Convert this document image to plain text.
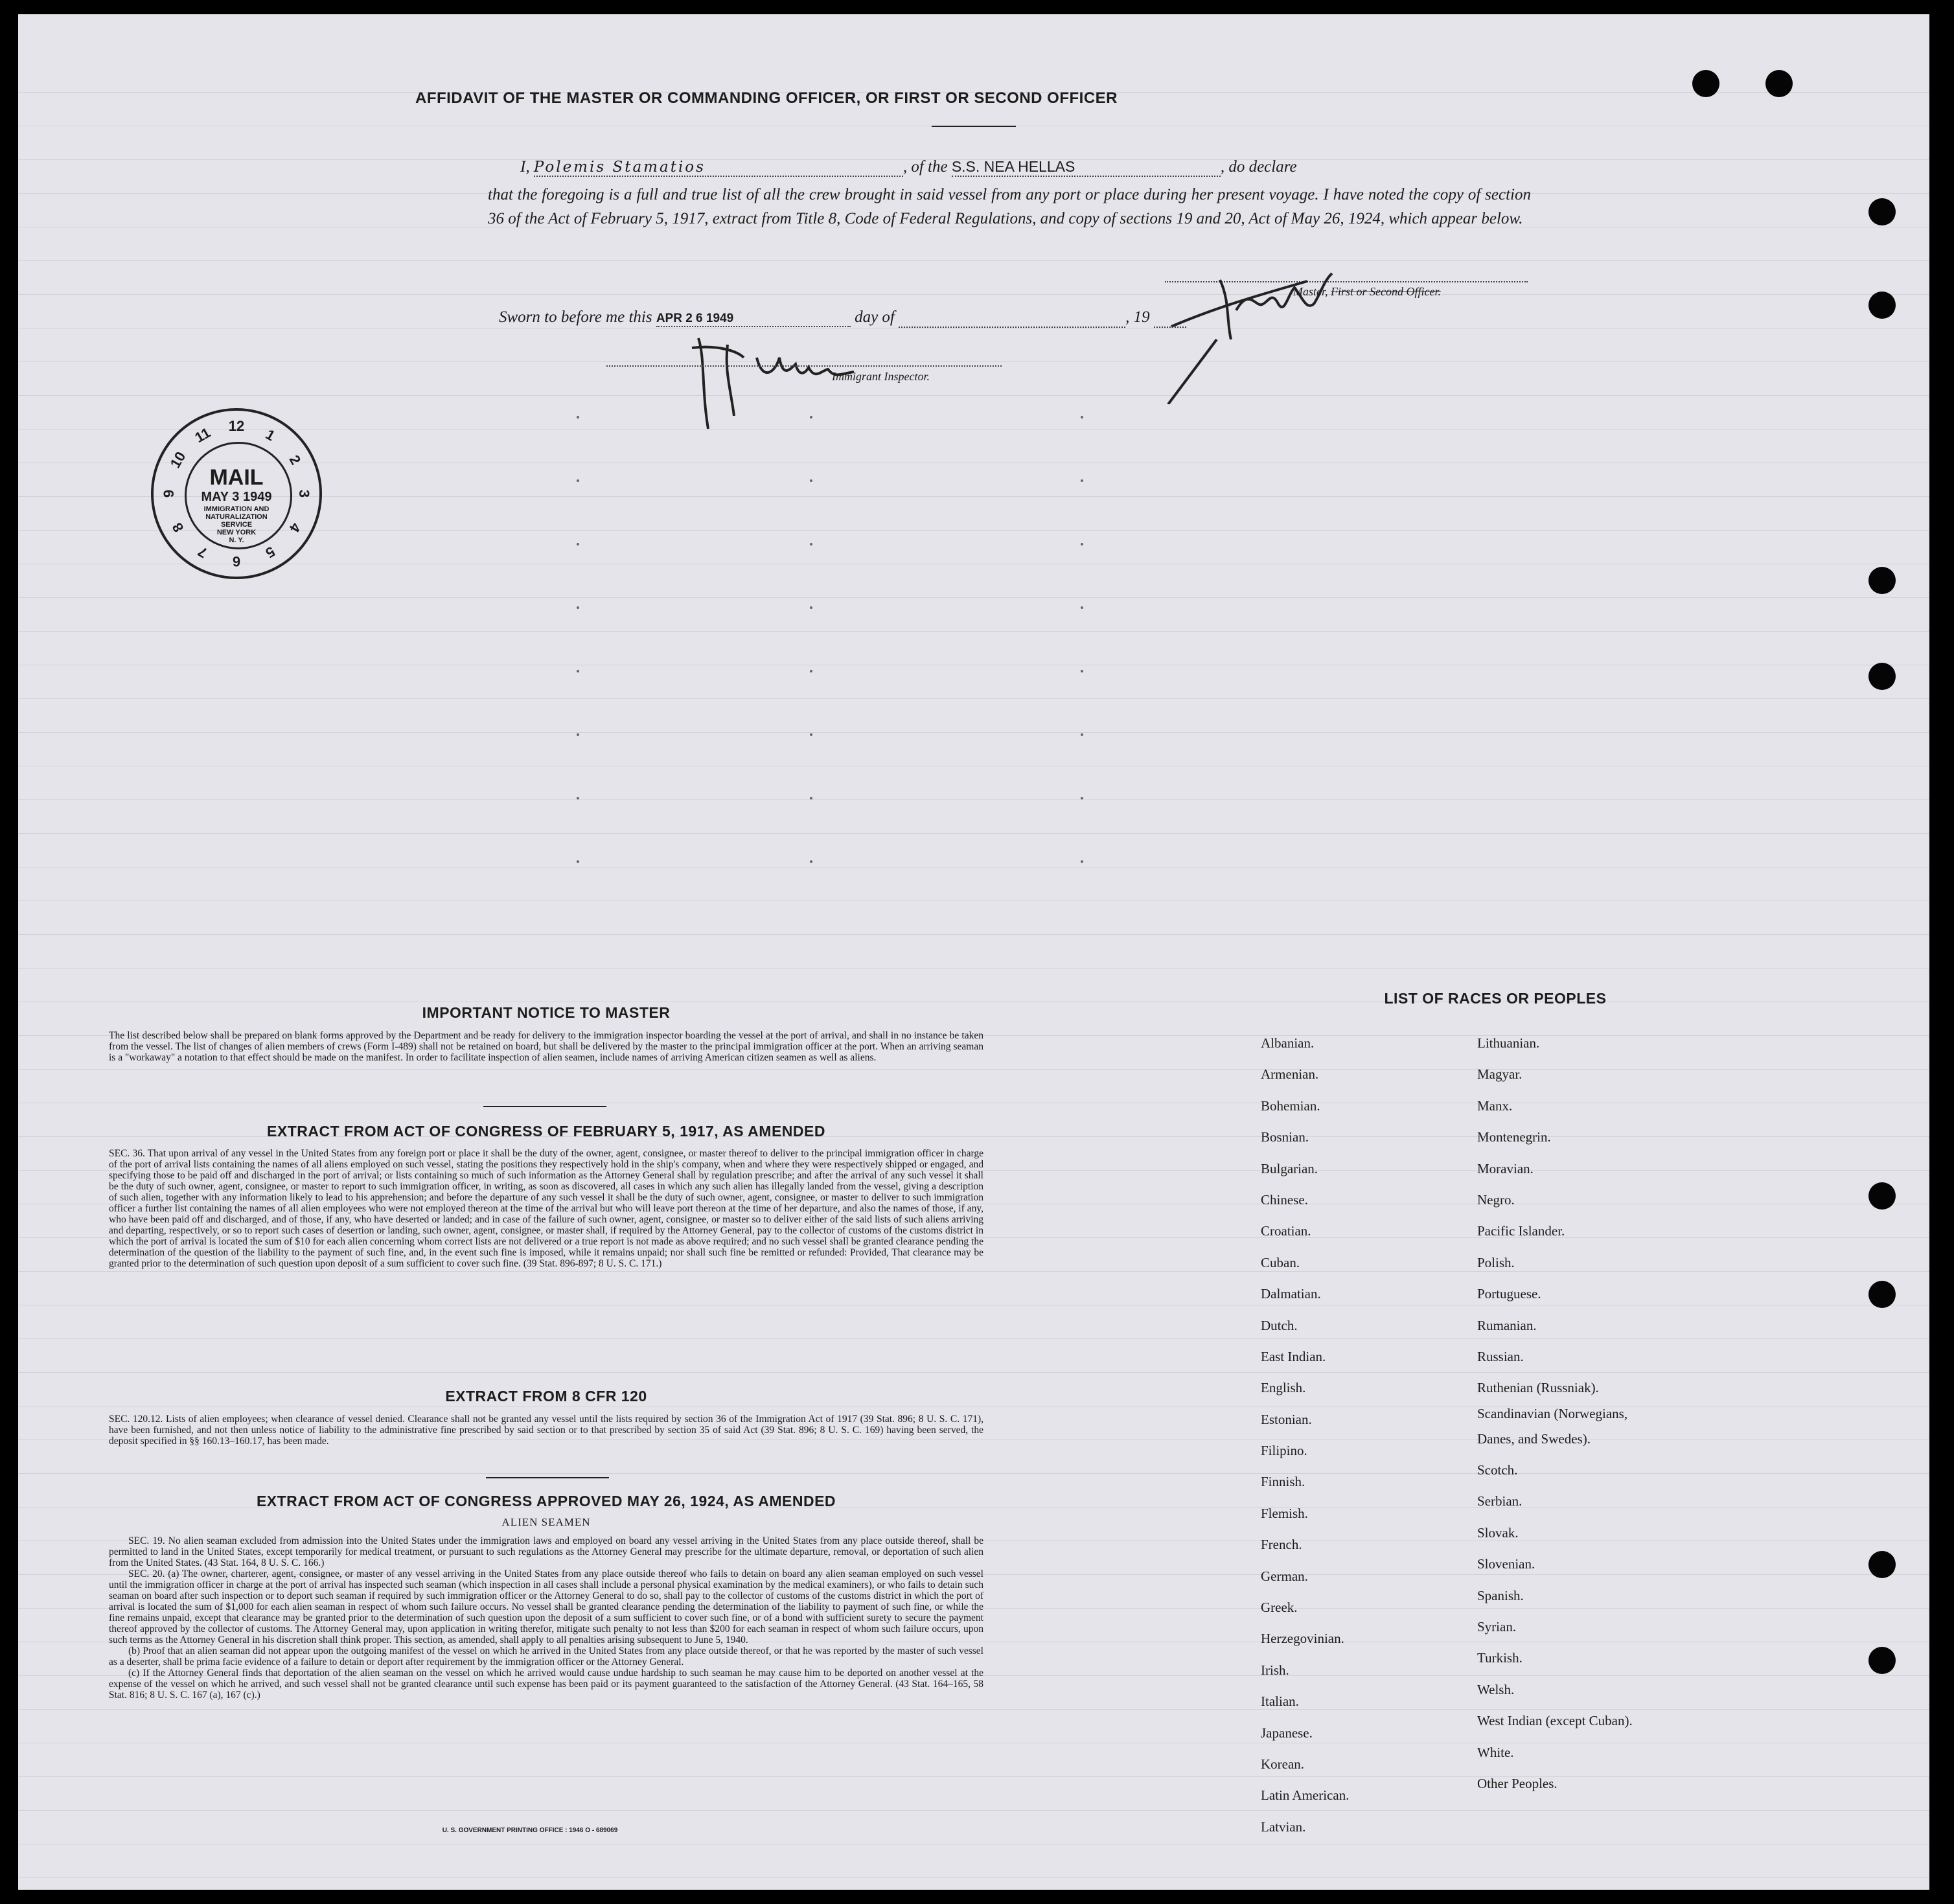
AFFIDAVIT OF THE MASTER OR COMMANDING OFFICER, OR FIRST OR SECOND OFFICER
I, Polemis Stamatios	, of the S.S. NEA HELLAS	, do declare
that the foregoing is a full and true list of all the crew brought in said vessel from any port or place during her present voyage. I have noted the copy of section 36 of the Act of February 5, 1917, extract from Title 8, Code of Federal Regulations, and copy of sections 19 and 20, Act of May 26, 1924, which appear below.
Master, First or Second Officer.
Sworn to before me this APR 2 6 1949	day of	, 19
Immigrant Inspector.
12
1
2
3
4
5
6
7
8
9
10
11
MAIL
MAY 3 1949
IMMIGRATION AND
NATURALIZATION
SERVICE
NEW YORK
N. Y.
IMPORTANT NOTICE TO MASTER
The list described below shall be prepared on blank forms approved by the Department and be ready for delivery to the immigration inspector boarding the vessel at the port of arrival, and shall in no instance be taken from the vessel. The list of changes of alien members of crews (Form I-489) shall not be retained on board, but shall be delivered by the master to the principal immigration officer at the port. When an arriving seaman is a "workaway" a notation to that effect should be made on the manifest. In order to facilitate inspection of alien seamen, include names of arriving American citizen seamen as well as aliens.
EXTRACT FROM ACT OF CONGRESS OF FEBRUARY 5, 1917, AS AMENDED
SEC. 36. That upon arrival of any vessel in the United States from any foreign port or place it shall be the duty of the owner, agent, consignee, or master thereof to deliver to the principal immigration officer in charge of the port of arrival lists containing the names of all aliens employed on such vessel, stating the positions they respectively hold in the ship's company, when and where they were respectively shipped or engaged, and specifying those to be paid off and discharged in the port of arrival; or lists containing so much of such information as the Attorney General shall by regulation prescribe; and after the arrival of any such vessel it shall be the duty of such owner, agent, consignee, or master to report to such immigration officer, in writing, as soon as discovered, all cases in which any such alien has illegally landed from the vessel, giving a description of such alien, together with any information likely to lead to his apprehension; and before the departure of any such vessel it shall be the duty of such owner, agent, consignee, or master to deliver to such immigration officer a further list containing the names of all alien employees who were not employed thereon at the time of the arrival but who will leave port thereon at the time of her departure, and also the names of those, if any, who have been paid off and discharged, and of those, if any, who have deserted or landed; and in case of the failure of such owner, agent, consignee, or master so to deliver either of the said lists of such aliens arriving and departing, respectively, or so to report such cases of desertion or landing, such owner, agent, consignee, or master shall, if required by the Attorney General, pay to the collector of customs of the customs district in which the port of arrival is located the sum of $10 for each alien concerning whom correct lists are not delivered or a true report is not made as above required; and no such vessel shall be granted clearance pending the determination of the question of the liability to the payment of such fine, and, in the event such fine is imposed, while it remains unpaid; nor shall such fine be remitted or refunded: Provided, That clearance may be granted prior to the determination of such question upon deposit of a sum sufficient to cover such fine. (39 Stat. 896-897; 8 U. S. C. 171.)
EXTRACT FROM 8 CFR 120
SEC. 120.12. Lists of alien employees; when clearance of vessel denied. Clearance shall not be granted any vessel until the lists required by section 36 of the Immigration Act of 1917 (39 Stat. 896; 8 U. S. C. 171), have been furnished, and not then unless notice of liability to the administrative fine prescribed by said section or to that prescribed by section 35 of said Act (39 Stat. 896; 8 U. S. C. 169) having been served, the deposit specified in §§ 160.13–160.17, has been made.
EXTRACT FROM ACT OF CONGRESS APPROVED MAY 26, 1924, AS AMENDED
ALIEN SEAMEN
SEC. 19. No alien seaman excluded from admission into the United States under the immigration laws and employed on board any vessel arriving in the United States from any place outside thereof, shall be permitted to land in the United States, except temporarily for medical treatment, or pursuant to such regulations as the Attorney General may prescribe for the ultimate departure, removal, or deportation of such alien from the United States. (43 Stat. 164, 8 U. S. C. 166.)
SEC. 20. (a) The owner, charterer, agent, consignee, or master of any vessel arriving in the United States from any place outside thereof who fails to detain on board any alien seaman employed on such vessel until the immigration officer in charge at the port of arrival has inspected such seaman (which inspection in all cases shall include a personal physical examination by the medical examiners), or who fails to detain such seaman on board after such inspection or to deport such seaman if required by such immigration officer or the Attorney General to do so, shall pay to the collector of customs of the customs district in which the port of arrival is located the sum of $1,000 for each alien seaman in respect of whom such failure occurs. No vessel shall be granted clearance pending the determination of the liability to payment of such fine, or while the fine remains unpaid, except that clearance may be granted prior to the determination of such question upon the deposit of a sum sufficient to cover such fine, or of a bond with sufficient surety to secure the payment thereof approved by the collector of customs. The Attorney General may, upon application in writing therefor, mitigate such penalty to not less than $200 for each seaman in respect of whom such failure occurs, upon such terms as the Attorney General in his discretion shall think proper. This section, as amended, shall apply to all penalties arising subsequent to June 5, 1940.
(b) Proof that an alien seaman did not appear upon the outgoing manifest of the vessel on which he arrived in the United States from any place outside thereof, or that he was reported by the master of such vessel as a deserter, shall be prima facie evidence of a failure to detain or deport after requirement by the immigration officer or the Attorney General.
(c) If the Attorney General finds that deportation of the alien seaman on the vessel on which he arrived would cause undue hardship to such seaman he may cause him to be deported on another vessel at the expense of the vessel on which he arrived, and such vessel shall not be granted clearance until such expense has been paid or its payment guaranteed to the satisfaction of the Attorney General. (43 Stat. 164–165, 58 Stat. 816; 8 U. S. C. 167 (a), 167 (c).)
U. S. GOVERNMENT PRINTING OFFICE : 1946 O - 689069
LIST OF RACES OR PEOPLES
Albanian.
Armenian.
Bohemian.
Bosnian.
Bulgarian.
Chinese.
Croatian.
Cuban.
Dalmatian.
Dutch.
East Indian.
English.
Estonian.
Filipino.
Finnish.
Flemish.
French.
German.
Greek.
Herzegovinian.
Irish.
Italian.
Japanese.
Korean.
Latin American.
Latvian.
Lithuanian.
Magyar.
Manx.
Montenegrin.
Moravian.
Negro.
Pacific Islander.
Polish.
Portuguese.
Rumanian.
Russian.
Ruthenian (Russniak).
Scandinavian (Norwegians,
Danes, and Swedes).
Scotch.
Serbian.
Slovak.
Slovenian.
Spanish.
Syrian.
Turkish.
Welsh.
West Indian (except Cuban).
White.
Other Peoples.
